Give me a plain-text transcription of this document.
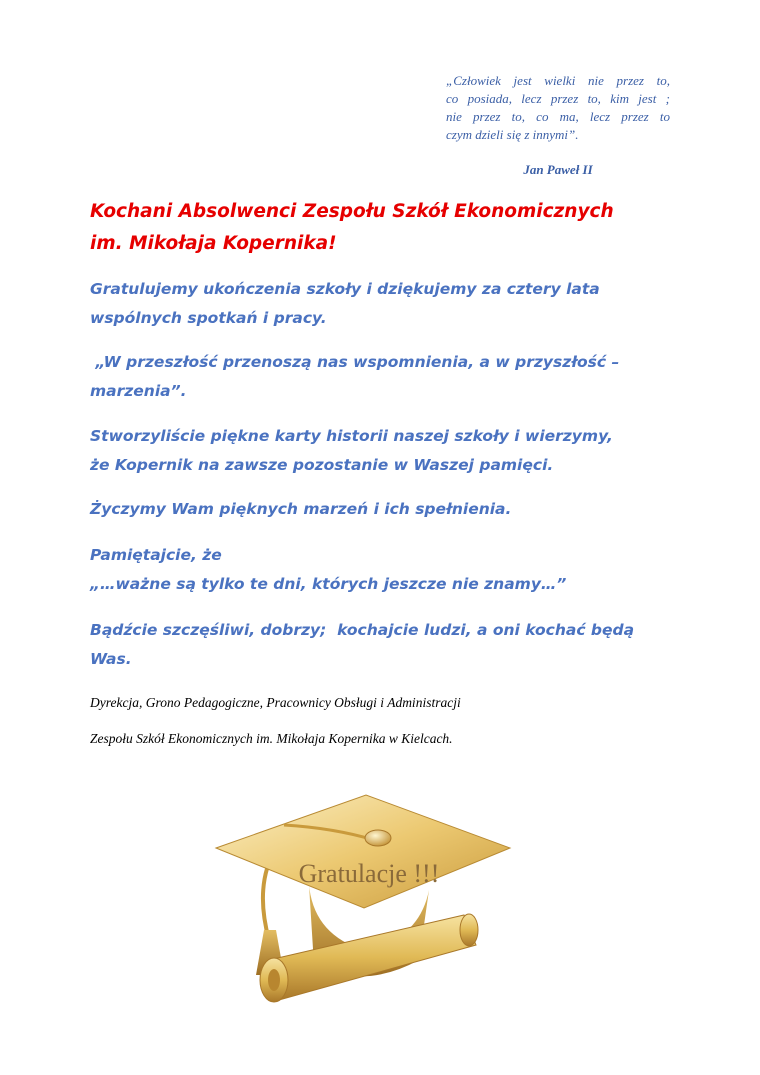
„Człowiek jest wielki nie przez to,
co posiada, lecz przez to, kim jest ;
nie przez to, co ma, lecz przez to
czym dzieli się z innymi”.
Jan Paweł II
Kochani Absolwenci Zespołu Szkół Ekonomicznych
im. Mikołaja Kopernika!
Gratulujemy ukończenia szkoły i dziękujemy za cztery lata
wspólnych spotkań i pracy.
„W przeszłość przenoszą nas wspomnienia, a w przyszłość –
marzenia”.
Stworzyliście piękne karty historii naszej szkoły i wierzymy,
że Kopernik na zawsze pozostanie w Waszej pamięci.
Życzymy Wam pięknych marzeń i ich spełnienia.
Pamiętajcie, że
„…ważne są tylko te dni, których jeszcze nie znamy…”
Bądźcie szczęśliwi, dobrzy;  kochajcie ludzi, a oni kochać będą
Was.
Dyrekcja, Grono Pedagogiczne, Pracownicy Obsługi i Administracji
Zespołu Szkół Ekonomicznych im. Mikołaja Kopernika w Kielcach.
Gratulacje !!!
